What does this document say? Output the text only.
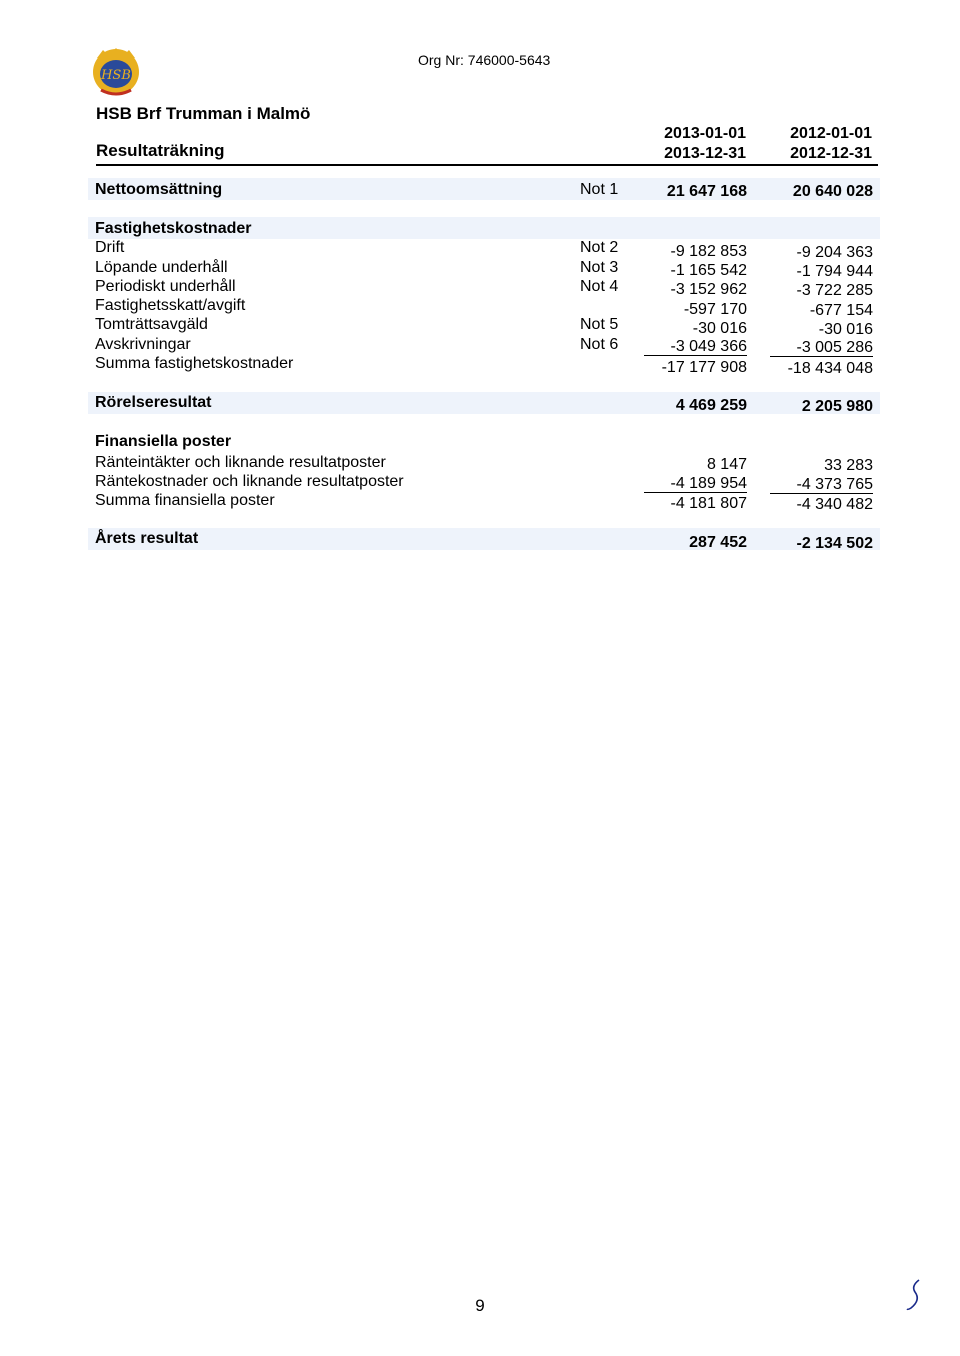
HSB
Org Nr: 746000-5643
HSB Brf Trumman i Malmö
Resultaträkning
2013-01-01
2013-12-31
2012-01-01
2012-12-31
Nettoomsättning	Not 1	21 647 168	20 640 028
Fastighetskostnader
Drift	Not 2	-9 182 853	-9 204 363
Löpande underhåll	Not 3	-1 165 542	-1 794 944
Periodiskt underhåll	Not 4	-3 152 962	-3 722 285
Fastighetsskatt/avgift	-597 170	-677 154
Tomträttsavgäld	Not 5	-30 016	-30 016
Avskrivningar	Not 6	-3 049 366	-3 005 286
Summa fastighetskostnader	-17 177 908	-18 434 048
Rörelseresultat	4 469 259	2 205 980
Finansiella poster
Ränteintäkter och liknande resultatposter	8 147	33 283
Räntekostnader och liknande resultatposter	-4 189 954	-4 373 765
Summa finansiella poster	-4 181 807	-4 340 482
Årets resultat	287 452	-2 134 502
9
